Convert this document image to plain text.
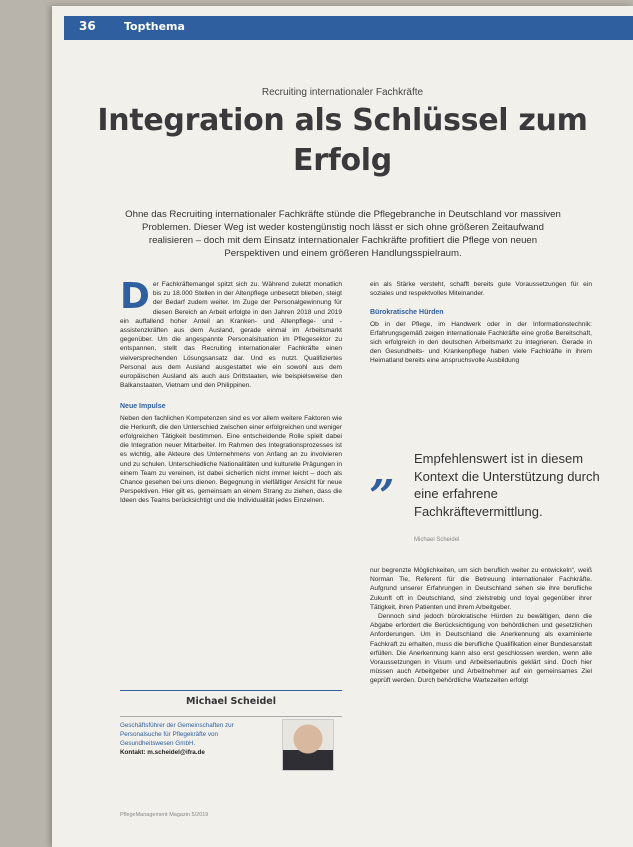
36	Topthema
Recruiting internationaler Fachkräfte
Integration als Schlüssel zum Erfolg
Ohne das Recruiting internationaler Fachkräfte stünde die Pflegebranche in Deutschland vor massiven Problemen. Dieser Weg ist weder kostengünstig noch lässt er sich ohne größeren Zeitaufwand realisieren – doch mit dem Einsatz internationaler Fachkräfte profitiert die Pflege von neuen Perspektiven und einem größeren Handlungsspielraum.
D er Fachkräftemangel spitzt sich zu. Während zuletzt monatlich bis zu 18.000 Stellen in der Altenpflege unbesetzt blieben, steigt der Bedarf zudem weiter. Im Zuge der Personalgewinnung für diesen Bereich an Arbeit erfolgte in den Jahren 2018 und 2019 ein auffallend hoher Anteil an Kranken- und Altenpflege- und -assistenzkräften aus dem Ausland, gerade einmal im Arbeitsmarkt gegenüber. Um die angespannte Personalsituation im Pflegesektor zu entspannen, stellt das Recruiting internationaler Fachkräfte einen vielversprechenden Lösungsansatz dar. Und es nutzt. Qualifiziertes Personal aus dem Ausland ausgestattet wie ein sowohl aus dem europäischen Ausland als auch aus Drittstaaten, wie beispielsweise den Balkanstaaten, Vietnam und den Philippinen.

Neue Impulse

Neben den fachlichen Kompetenzen sind es vor allem weitere Faktoren wie die Herkunft, die den Unterschied zwischen einer erfolgreichen und weniger erfolgreichen Tätigkeit bestimmen. Eine entscheidende Rolle spielt dabei die Integration neuer Mitarbeiter. Im Rahmen des Integrationsprozesses ist es wichtig, alle Akteure des Unternehmens von Anfang an zu involvieren und zu schulen. Unterschiedliche Nationalitäten und kulturelle Prägungen in einem Team zu vereinen, ist dabei sicherlich nicht immer leicht – doch als Chance gesehen bei uns dienen. Begegnung in vielfältiger Ansicht für neue Perspektiven. Hier gilt es, gemeinsam an einem Strang zu ziehen, dass die Ideen des Teams berücksichtigt und die Individualität jedes Einzelnen.

ein als Stärke versteht, schafft bereits gute Voraussetzungen für ein soziales und respektvolles Miteinander.

Bürokratische Hürden

Ob in der Pflege, im Handwerk oder in der Informationstechnik: Erfahrungsgemäß zeigen internationale Fachkräfte eine große Bereitschaft, sich erfolgreich in den deutschen Arbeitsmarkt zu integrieren. Gerade in den Gesundheits- und Krankenpflege haben viele Fachkräfte in ihrem Heimatland bereits eine anspruchsvolle Ausbildung

„ Empfehlenswert ist in diesem Kontext die Unterstützung durch eine erfahrene Fachkräftevermittlung.
Michael Scheidel

nur begrenzte Möglichkeiten, um sich beruflich weiter zu entwickeln“, weiß Norman Tie, Referent für die Betreuung internationaler Fachkräfte. Aufgrund unserer Erfahrungen in Deutschland sehen sie ihre berufliche Zukunft oft in Deutschland, sind zielstrebig und loyal gegenüber ihrer Tätigkeit, ihren Patienten und ihrem Arbeitgeber.

Dennoch sind jedoch bürokratische Hürden zu bewältigen, denn die Abgabe erfordert die Berücksichtigung von behördlichen und gesetzlichen Anforderungen. Um in Deutschland die Anerkennung als examinierte Fachkraft zu erhalten, muss die berufliche Qualifikation einer Bundesanstalt erfüllen. Die Anerkennung kann also erst geschlossen werden, wenn alle Voraussetzungen in Visum und Arbeitserlaubnis geklärt sind. Doch hier müssen auch Arbeitgeber und Arbeitnehmer auf ein gemeinsames Ziel geprüft werden. Durch behördliche Wartezeiten erfolgt

Michael Scheidel
Geschäftsführer der Gemeinschaften zur Personalsuche für Pflegekräfte von Gesundheitswesen GmbH.
Kontakt: m.scheidel@ifra.de
PflegeManagement Magazin 5/2019
